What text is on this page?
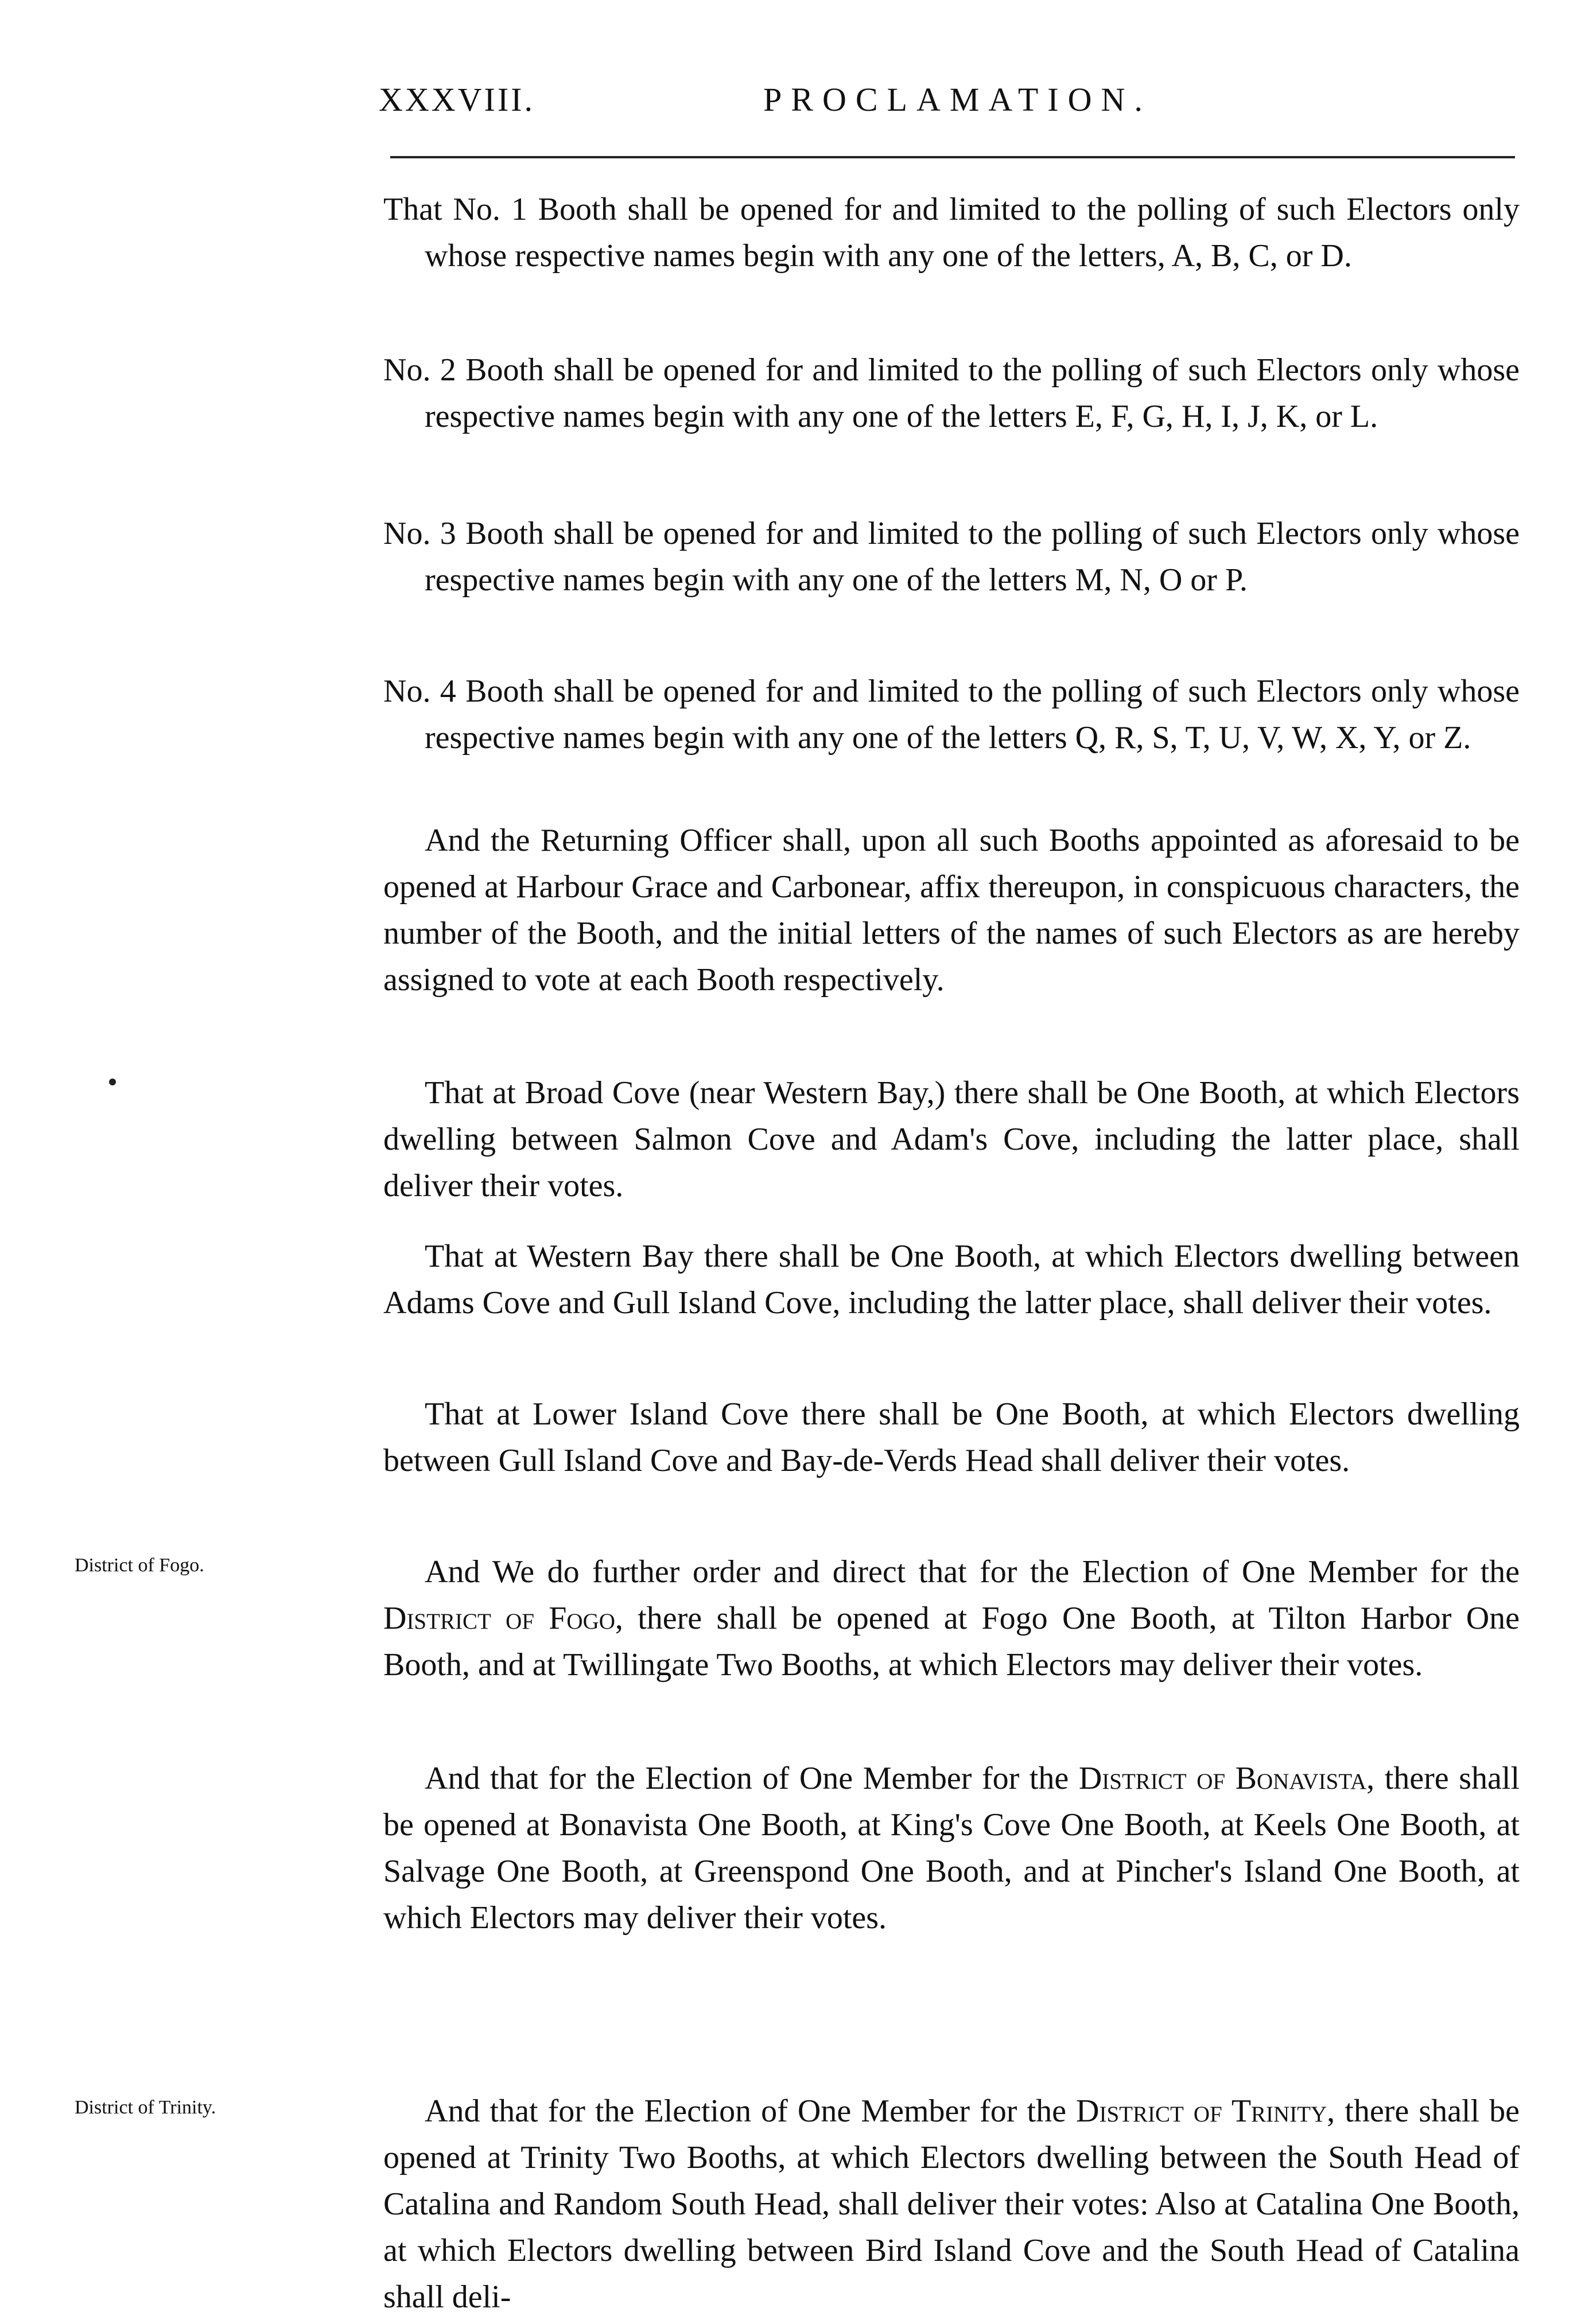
XXXVIII.	PROCLAMATION.
District of Fogo.
District of Trinity.

That No. 1 Booth shall be opened for and limited to the polling of such Electors only whose respective names begin with any one of the letters, A, B, C, or D.

No. 2 Booth shall be opened for and limited to the polling of such Electors only whose respective names begin with any one of the letters E, F, G, H, I, J, K, or L.

No. 3 Booth shall be opened for and limited to the polling of such Electors only whose respective names begin with any one of the letters M, N, O or P.

No. 4 Booth shall be opened for and limited to the polling of such Electors only whose respective names begin with any one of the letters Q, R, S, T, U, V, W, X, Y, or Z.

And the Returning Officer shall, upon all such Booths appointed as aforesaid to be opened at Harbour Grace and Carbonear, affix thereupon, in conspicuous characters, the number of the Booth, and the initial letters of the names of such Electors as are hereby assigned to vote at each Booth respectively.

That at Broad Cove (near Western Bay,) there shall be One Booth, at which Electors dwelling between Salmon Cove and Adam's Cove, including the latter place, shall deliver their votes.

That at Western Bay there shall be One Booth, at which Electors dwelling between Adams Cove and Gull Island Cove, including the latter place, shall deliver their votes.

That at Lower Island Cove there shall be One Booth, at which Electors dwelling between Gull Island Cove and Bay-de-Verds Head shall deliver their votes.

And We do further order and direct that for the Election of One Member for the District of Fogo, there shall be opened at Fogo One Booth, at Tilton Harbor One Booth, and at Twillingate Two Booths, at which Electors may deliver their votes.

And that for the Election of One Member for the District of Bonavista, there shall be opened at Bonavista One Booth, at King's Cove One Booth, at Keels One Booth, at Salvage One Booth, at Greenspond One Booth, and at Pincher's Island One Booth, at which Electors may deliver their votes.

And that for the Election of One Member for the District of Trinity, there shall be opened at Trinity Two Booths, at which Electors dwelling between the South Head of Catalina and Random South Head, shall deliver their votes: Also at Catalina One Booth, at which Electors dwelling between Bird Island Cove and the South Head of Catalina shall deli-
